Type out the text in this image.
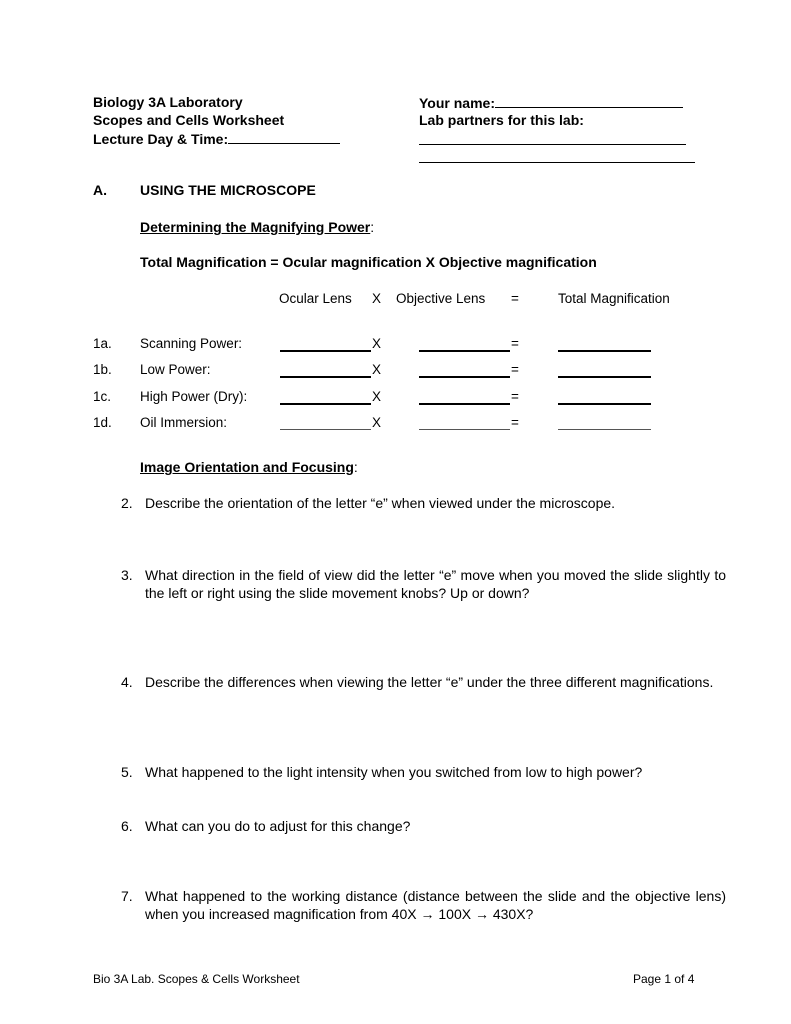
Biology 3A Laboratory
Scopes and Cells Worksheet
Lecture Day & Time:
Your name:
Lab partners for this lab:
A. USING THE MICROSCOPE
Determining the Magnifying Power:
Total Magnification = Ocular magnification X Objective magnification
Ocular Lens X Objective Lens =	Total Magnification
1a. Scanning Power:	X	=
1b. Low Power:	X	=
1c. High Power (Dry):	X	=
1d. Oil Immersion:	X	=
Image Orientation and Focusing:
2. Describe the orientation of the letter “e” when viewed under the microscope.
3. What direction in the field of view did the letter “e” move when you moved the slide slightly to the left or right using the slide movement knobs? Up or down?
4. Describe the differences when viewing the letter “e” under the three different magnifications.
5. What happened to the light intensity when you switched from low to high power?
6. What can you do to adjust for this change?
7. What happened to the working distance (distance between the slide and the objective lens) when you increased magnification from 40X → 100X → 430X?
Bio 3A Lab. Scopes & Cells Worksheet	Page 1 of 4
